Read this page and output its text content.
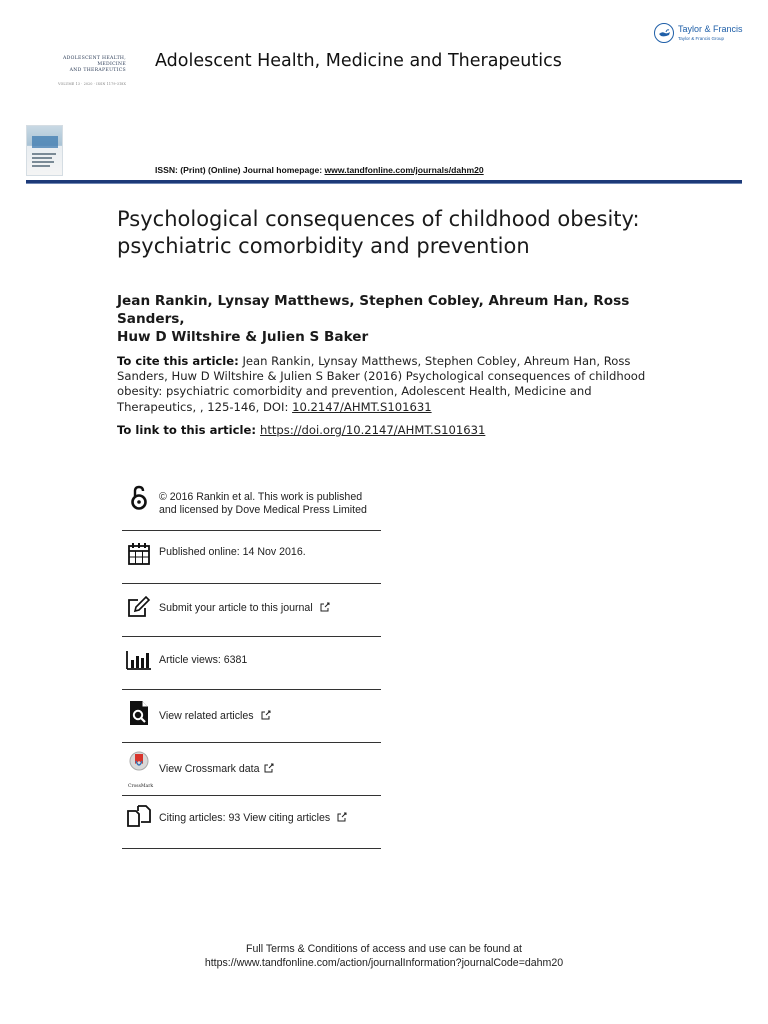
ADOLESCENT HEALTH, MEDICINE
AND THERAPEUTICS
VOLUME 13 · 2020 · ISSN 1179-318X
Adolescent Health, Medicine and Therapeutics
Taylor & Francis
Taylor & Francis Group
ISSN: (Print) (Online) Journal homepage: www.tandfonline.com/journals/dahm20
Psychological consequences of childhood obesity:
psychiatric comorbidity and prevention
Jean Rankin, Lynsay Matthews, Stephen Cobley, Ahreum Han, Ross Sanders,
Huw D Wiltshire & Julien S Baker
To cite this article: Jean Rankin, Lynsay Matthews, Stephen Cobley, Ahreum Han, Ross Sanders, Huw D Wiltshire & Julien S Baker (2016) Psychological consequences of childhood obesity: psychiatric comorbidity and prevention, Adolescent Health, Medicine and Therapeutics, , 125-146, DOI: 10.2147/AHMT.S101631
To link to this article: https://doi.org/10.2147/AHMT.S101631
© 2016 Rankin et al. This work is published
and licensed by Dove Medical Press Limited
Published online: 14 Nov 2016.
Submit your article to this journal
Article views: 6381
View related articles
CrossMark
View Crossmark data
Citing articles: 93 View citing articles
Full Terms & Conditions of access and use can be found at
https://www.tandfonline.com/action/journalInformation?journalCode=dahm20
